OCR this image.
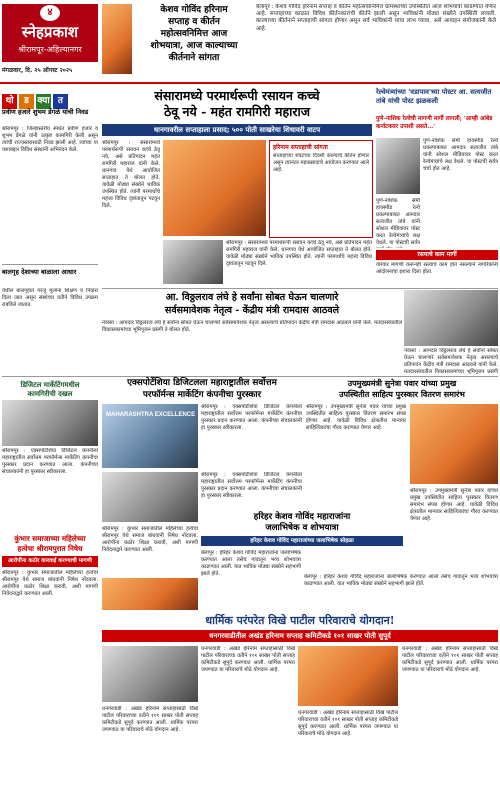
४
स्नेहप्रकाश
श्रीरामपूर-अहिल्यानगर
मंगळवार, दि. २५ ऑगस्ट २०२५
केशव गोविंद हरिनाम
सप्ताह व कीर्तन
महोत्सवनिमित्त आज
शोभयात्रा, आज काल्याच्या
कीर्तनाने सांगता
बेलापूर : केशव गोविंद हरिनाम सप्ताह व कीर्तन महोत्सवानिमित्त ग्रामस्थांच्या उपस्थितीत आज शोभयात्रा काढण्यात येणार आहे. सप्ताहाच्या काळात विविध कीर्तनकारांची कीर्तने झाली असून भाविकांनी मोठ्या संख्येने उपस्थिती लावली. काल्याच्या कीर्तनाने सप्ताहाची सांगता होणार असून सर्व भाविकांनी याचा लाभ घ्यावा, असे आवाहन संयोजकांनी केले आहे.
थो ड क्या त
प्रवीण हजारे शुभम डेंगळे यांची निवड
श्रीरामपूर : जिल्हास्तरीय स्पर्धेत प्रवीण हजारे व शुभम डेंगळे यांनी उत्कृष्ट कामगिरी केली असून त्यांची राज्यस्तरासाठी निवड झाली आहे. त्यांच्या या यशाबद्दल विविध संस्थांनी अभिनंदन केले.
बालगृह देशाच्या बाळाला आधार
येथील बालगृहात गरजू मुलांना शिक्षण व निवारा दिला जात असून संस्थेच्या वतीने विविध उपक्रम राबविले जातात.
संसारामध्ये परमार्थरूपी रसायन कच्चे
ठेवू नये - महंत रामगिरी महाराज
धानगावरील सप्ताहाला प्रसाद; ५०० पोती साखरेचा शिधावरी वाटप
श्रीरामपूर : संसारामध्ये परमार्थरूपी रसायन कच्चे ठेवू नये, असे प्रतिपादन महंत रामगिरी महाराज यांनी केले. धानगाव येथे आयोजित सप्ताहात ते बोलत होते. यावेळी मोठ्या संख्येने भाविक उपस्थित होते. त्यांनी परमार्थाचे महत्त्व विविध दृष्टांतातून पटवून दिले.
हरिनाम सप्ताहाची सांगता
सप्ताहाच्या शेवटच्या दिवशी काल्याचे कीर्तन होणार असून त्यानंतर महाप्रसादाचे आयोजन करण्यात आले आहे.
श्रीरामपूर : संसारामध्ये परमार्थरूपी रसायन कच्चे ठेवू नये, असे प्रतिपादन महंत रामगिरी महाराज यांनी केले. धानगाव येथे आयोजित सप्ताहात ते बोलत होते. यावेळी मोठ्या संख्येने भाविक उपस्थित होते. त्यांनी परमार्थाचे महत्त्व विविध दृष्टांतातून पटवून दिले.
रेल्वेमंत्र्यांच्या 'वडापाव'च्या पोस्टर आ. सत्यजीत तांबे यांची पोस्ट झळकली
पुणे-नाशिक रेल्वेची मागणी मार्गी लागली; 'आम्ही आंबेड कर्नाटकवर उपाशी असते...'
पुणे-नाशिक सेमी हायस्पीड रेल्वे प्रकल्पाबाबत आमदार सत्यजीत तांबे यांनी सोशल मीडियावर पोस्ट करत रेल्वेमंत्र्यांचे लक्ष वेधले. या पोस्टची सर्वत्र चर्चा होत आहे.
पुणे-नाशिक सेमी हायस्पीड रेल्वे प्रकल्पाबाबत आमदार सत्यजीत तांबे यांनी सोशल मीडियावर पोस्ट करत रेल्वेमंत्र्यांचे लक्ष वेधले. या पोस्टची सर्वत्र
रस्त्याचे काम मार्गी
वारंवार मागणी करूनही रस्त्याचे काम होत नसल्याने नागरिकांनी आंदोलनाचा इशारा दिला होता.
आ. विठ्ठलराव लंघे हे सर्वांना सोबत घेऊन चालणारे
सर्वसमावेशक नेतृत्व - केंद्रीय मंत्री रामदास आठवले
नेवासा : आमदार विठ्ठलराव लंघे हे सर्वांना सोबत घेऊन चालणारे सर्वसमावेशक नेतृत्व असल्याचे प्रतिपादन केंद्रीय मंत्री रामदास आठवले यांनी केले. मतदारसंघातील विकासकामांच्या भूमिपूजन प्रसंगी ते बोलत होते.
नेवासा : आमदार विठ्ठलराव लंघे हे सर्वांना सोबत घेऊन चालणारे सर्वसमावेशक नेतृत्व असल्याचे प्रतिपादन केंद्रीय मंत्री रामदास आठवले यांनी केले. मतदारसंघातील विकासकामांच्या भूमिपूजन प्रसंगी
डिजिटल मार्केटिंगमधील
कामगिरीची दखल
श्रीरामपूर : एक्सपोर्टेशिया डिजिटल कंपनीला महाराष्ट्रातील सर्वोत्तम परफॉर्मन्स मार्केटिंग कंपनीचा पुरस्कार प्रदान करण्यात आला. कंपनीच्या संचालकांनी हा पुरस्कार स्वीकारला.
एक्सपोर्टेशिया डिजिटलला महाराष्ट्रातील सर्वोत्तम
परफॉर्मन्स मार्केटिंग कंपनीचा पुरस्कार
MAHARASHTRA EXCELLENCE
श्रीरामपूर : एक्सपोर्टेशिया डिजिटल कंपनीला महाराष्ट्रातील सर्वोत्तम परफॉर्मन्स मार्केटिंग कंपनीचा पुरस्कार प्रदान करण्यात आला. कंपनीच्या संचालकांनी हा पुरस्कार स्वीकारला.
उपमुख्यमंत्री सुनेत्रा पवार यांच्या प्रमुख
उपस्थितीत साहित्य पुरस्कार वितरण समारंभ
श्रीरामपूर : उपमुख्यमंत्री सुनेत्रा पवार यांच्या प्रमुख उपस्थितीत साहित्य पुरस्कार वितरण समारंभ संपन्न होणार आहे. यावेळी विविध क्षेत्रातील मान्यवर साहित्यिकांचा गौरव करण्यात येणार आहे.
श्रीरामपूर : उपमुख्यमंत्री सुनेत्रा पवार यांच्या प्रमुख उपस्थितीत साहित्य पुरस्कार वितरण समारंभ संपन्न होणार आहे. यावेळी विविध क्षेत्रातील मान्यवर साहित्यिकांचा गौरव करण्यात येणार आहे.
कुंभार समाजाच्या महिलेच्या
हत्येचा श्रीरामपुरात निषेध
आरोपींना कठोर कारवाई करण्याची मागणी
श्रीरामपूर : कुंभार समाजातील महिलेच्या हत्येचा श्रीरामपूर येथे समाज बांधवांनी निषेध नोंदवला. आरोपींना कठोर शिक्षा करावी, अशी मागणी निवेदनाद्वारे करण्यात आली.
श्रीरामपूर : कुंभार समाजातील महिलेच्या हत्येचा श्रीरामपूर येथे समाज बांधवांनी निषेध नोंदवला. आरोपींना कठोर शिक्षा करावी, अशी मागणी निवेदनाद्वारे करण्यात आली.
श्रीरामपूर : एक्सपोर्टेशिया डिजिटल कंपनीला महाराष्ट्रातील सर्वोत्तम परफॉर्मन्स मार्केटिंग कंपनीचा पुरस्कार प्रदान करण्यात आला. कंपनीच्या संचालकांनी हा पुरस्कार स्वीकारला.
हरिहर केशव गोविंद महाराजांना
जलाभिषेक व शोभयात्रा
हरिहर केशव गोविंद महाराजांच्या जलाभिषेक सोहळा
बेलापूर : हरिहर केशव गोविंद महाराजांना जलाभिषेक करण्यात आला तसेच गावातून भव्य शोभयात्रा काढण्यात आली. यात भाविक मोठ्या संख्येने सहभागी झाले होते.	बेलापूर : हरिहर केशव गोविंद महाराजांना जलाभिषेक करण्यात आला तसेच गावातून भव्य शोभयात्रा काढण्यात आली. यात भाविक मोठ्या संख्येने सहभागी झाले होते.
धार्मिक परंपरेत विखे पाटील परिवाराचे योगदान!
धनगरवाडीतील अखंड हरिनाम सप्ताह कमिटीकडे १०१ साखर पोती सुपूर्द
धनगरवाडी : अखंड हरिनाम सप्ताहासाठी विखे पाटील परिवाराच्या वतीने १०१ साखर पोती सप्ताह कमिटीकडे सुपूर्द करण्यात आली. धार्मिक परंपरा जपण्यात या परिवाराचे मोठे योगदान आहे.
धनगरवाडी : अखंड हरिनाम सप्ताहासाठी विखे पाटील परिवाराच्या वतीने १०१ साखर पोती सप्ताह कमिटीकडे सुपूर्द करण्यात आली. धार्मिक परंपरा जपण्यात या परिवाराचे मोठे योगदान आहे.
धनगरवाडी : अखंड हरिनाम सप्ताहासाठी विखे पाटील परिवाराच्या वतीने १०१ साखर पोती सप्ताह कमिटीकडे सुपूर्द करण्यात आली. धार्मिक परंपरा जपण्यात या परिवाराचे मोठे योगदान आहे.
धनगरवाडी : अखंड हरिनाम सप्ताहासाठी विखे पाटील परिवाराच्या वतीने १०१ साखर पोती सप्ताह कमिटीकडे सुपूर्द करण्यात आली. धार्मिक परंपरा जपण्यात या परिवाराचे मोठे योगदान आहे.
